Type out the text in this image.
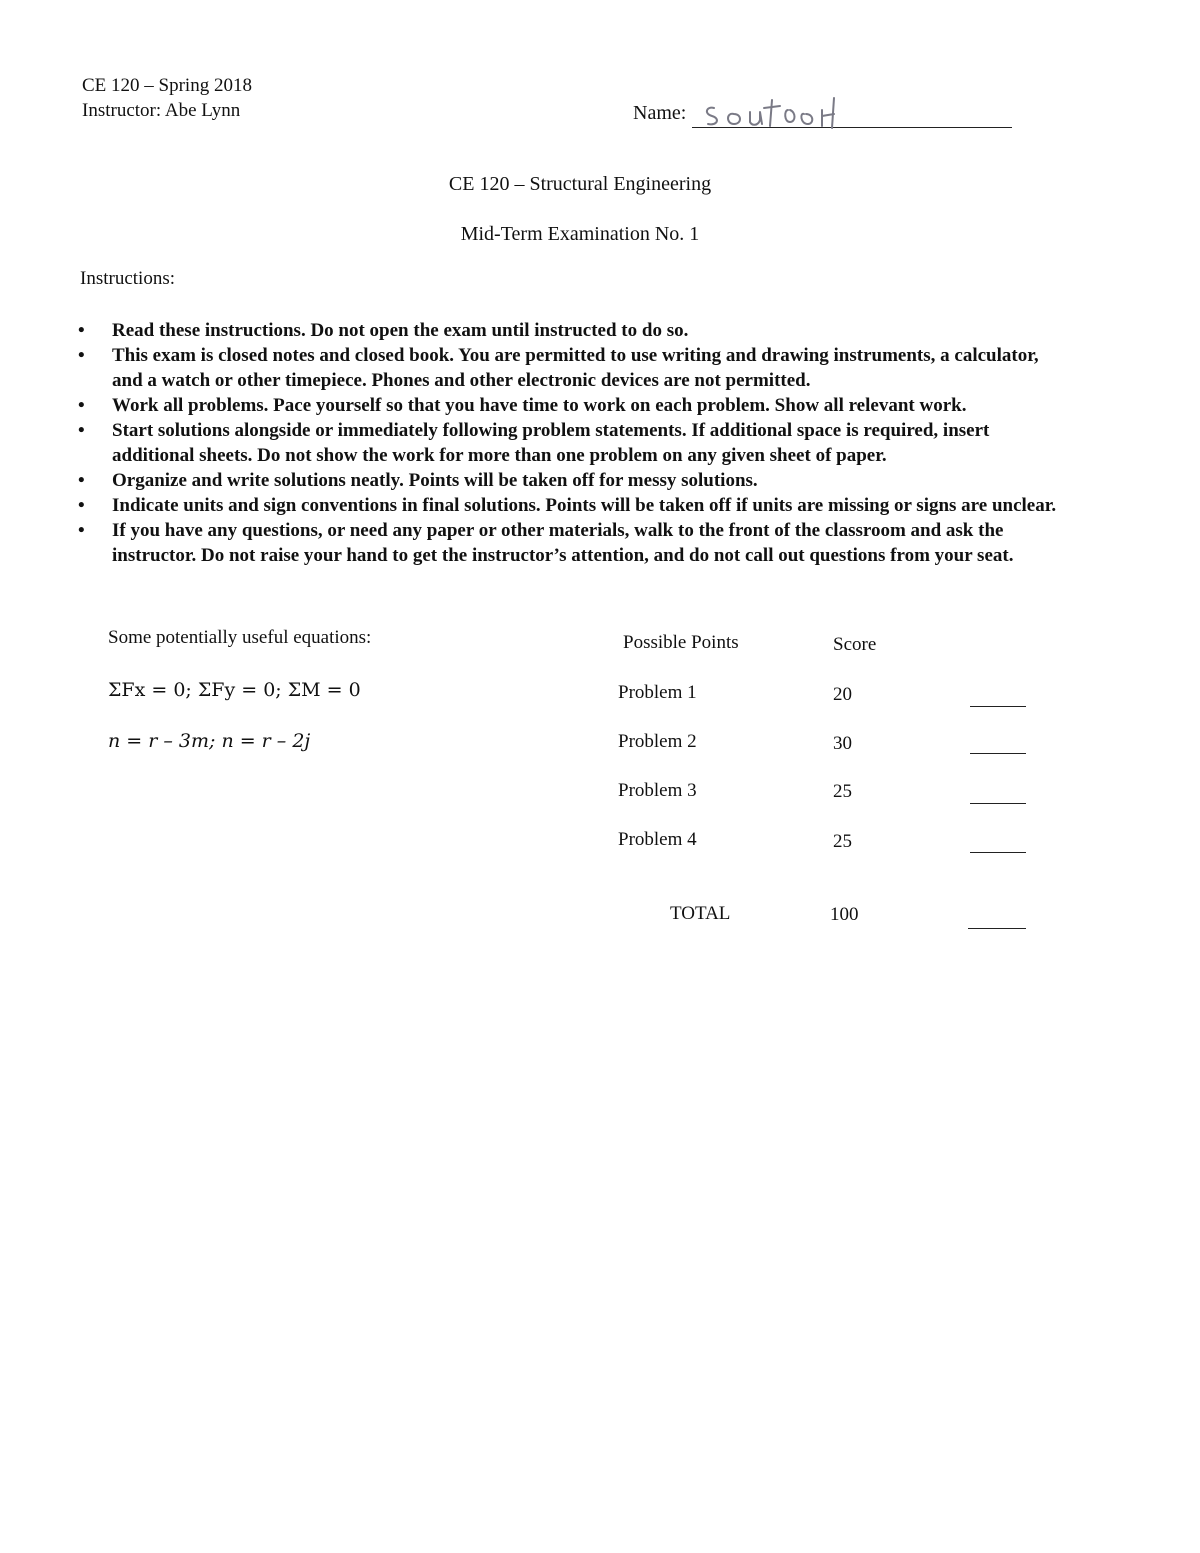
CE 120 – Spring 2018

Instructor: Abe Lynn	Name:

CE 120 – Structural Engineering

Mid-Term Examination No. 1

Instructions:

• Read these instructions. Do not open the exam until instructed to do so.
• This exam is closed notes and closed book. You are permitted to use writing and drawing instruments, a calculator, and a watch or other timepiece. Phones and other electronic devices are not permitted.
• Work all problems. Pace yourself so that you have time to work on each problem. Show all relevant work.
• Start solutions alongside or immediately following problem statements. If additional space is required, insert additional sheets. Do not show the work for more than one problem on any given sheet of paper.
• Organize and write solutions neatly. Points will be taken off for messy solutions.
• Indicate units and sign conventions in final solutions. Points will be taken off if units are missing or signs are unclear.
• If you have any questions, or need any paper or other materials, walk to the front of the classroom and ask the instructor. Do not raise your hand to get the instructor’s attention, and do not call out questions from your seat.

Some potentially useful equations:

ΣFx = 0; ΣFy = 0; ΣM = 0

n = r – 3m; n = r – 2j

Possible Points	Score
Problem 1	20
Problem 2	30
Problem 3	25
Problem 4	25
TOTAL	100
